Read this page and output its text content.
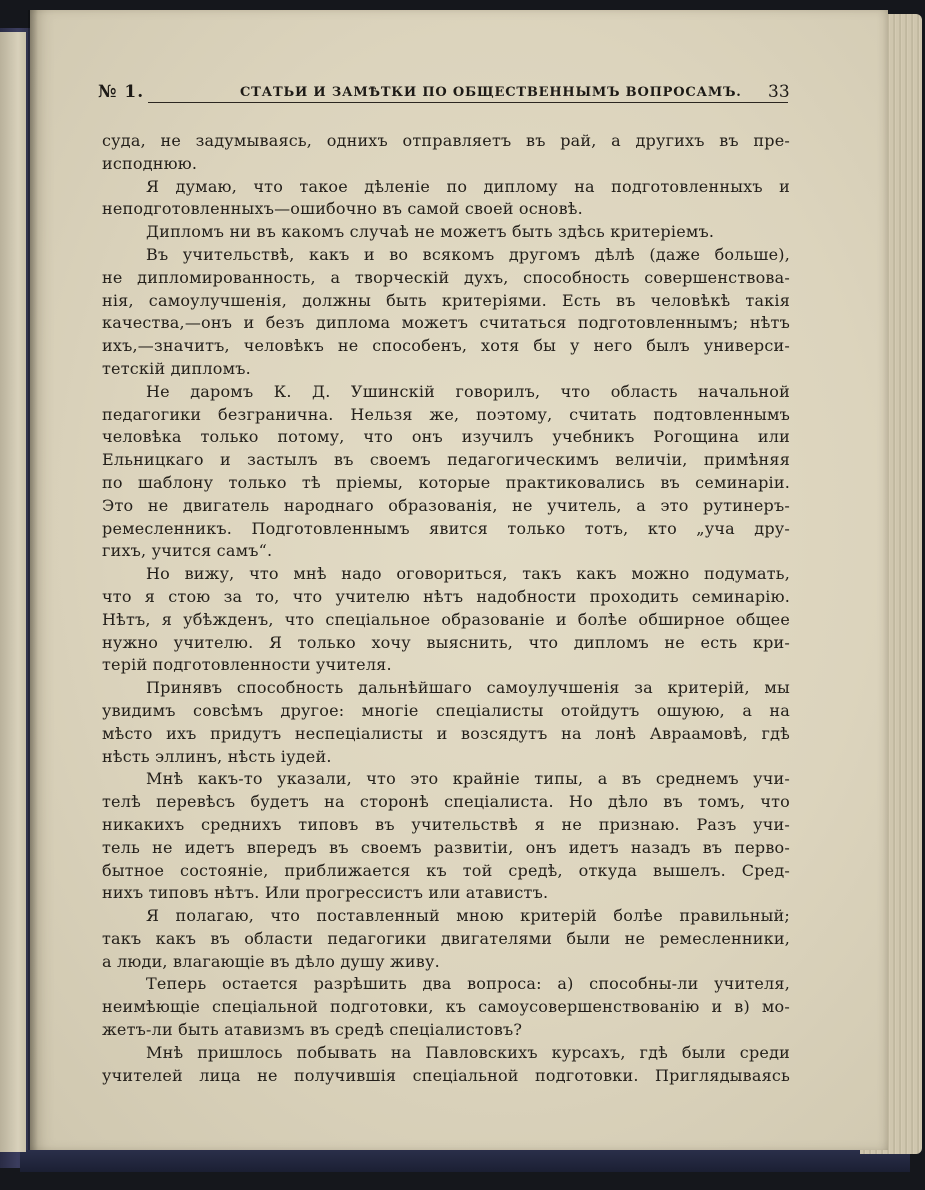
№ 1.	СТАТЬИ И ЗАМѢТКИ ПО ОБЩЕСТВЕННЫМЪ ВОПРОСАМЪ. 33

суда, не задумываясь, однихъ отправляетъ въ рай, а другихъ въ пре-
исподнюю.

Я думаю, что такое дѣленіе по диплому на подготовленныхъ и
неподготовленныхъ—ошибочно въ самой своей основѣ.

Дипломъ ни въ какомъ случаѣ не можетъ быть здѣсь критеріемъ.

Въ учительствѣ, какъ и во всякомъ другомъ дѣлѣ (даже больше),
не дипломированность, а творческій духъ, способность совершенствова-
нія, самоулучшенія, должны быть критеріями. Есть въ человѣкѣ такія
качества,—онъ и безъ диплома можетъ считаться подготовленнымъ; нѣтъ
ихъ,—значитъ, человѣкъ не способенъ, хотя бы у него былъ универси-
тетскій дипломъ.

Не даромъ К. Д. Ушинскій говорилъ, что область начальной
педагогики безгранична. Нельзя же, поэтому, считать подтовленнымъ
человѣка только потому, что онъ изучилъ учебникъ Рогощина или
Ельницкаго и застылъ въ своемъ педагогическимъ величіи, примѣняя
по шаблону только тѣ пріемы, которые практиковались въ семинаріи.
Это не двигатель народнаго образованія, не учитель, а это рутинеръ-
ремесленникъ. Подготовленнымъ явится только тотъ, кто „уча дру-
гихъ, учится самъ“.

Но вижу, что мнѣ надо оговориться, такъ какъ можно подумать,
что я стою за то, что учителю нѣтъ надобности проходить семинарію.
Нѣтъ, я убѣжденъ, что спеціальное образованіе и болѣе обширное общее
нужно учителю. Я только хочу выяснить, что дипломъ не есть кри-
терій подготовленности учителя.

Принявъ способность дальнѣйшаго самоулучшенія за критерій, мы
увидимъ совсѣмъ другое: многіе спеціалисты отойдутъ ошуюю, а на
мѣсто ихъ придутъ неспеціалисты и возсядутъ на лонѣ Авраамовѣ, гдѣ
нѣсть эллинъ, нѣсть іудей.

Мнѣ какъ-то указали, что это крайніе типы, а въ среднемъ учи-
телѣ перевѣсъ будетъ на сторонѣ спеціалиста. Но дѣло въ томъ, что
никакихъ среднихъ типовъ въ учительствѣ я не признаю. Разъ учи-
тель не идетъ впередъ въ своемъ развитіи, онъ идетъ назадъ въ перво-
бытное состояніе, приближается къ той средѣ, откуда вышелъ. Сред-
нихъ типовъ нѣтъ. Или прогрессистъ или атавистъ.

Я полагаю, что поставленный мною критерій болѣе правильный;
такъ какъ въ области педагогики двигателями были не ремесленники,
а люди, влагающіе въ дѣло душу живу.

Теперь остается разрѣшить два вопроса: а) способны-ли учителя,
неимѣющіе спеціальной подготовки, къ самоусовершенствованію и в) мо-
жетъ-ли быть атавизмъ въ средѣ спеціалистовъ?

Мнѣ пришлось побывать на Павловскихъ курсахъ, гдѣ были среди
учителей лица не получившія спеціальной подготовки. Приглядываясь
